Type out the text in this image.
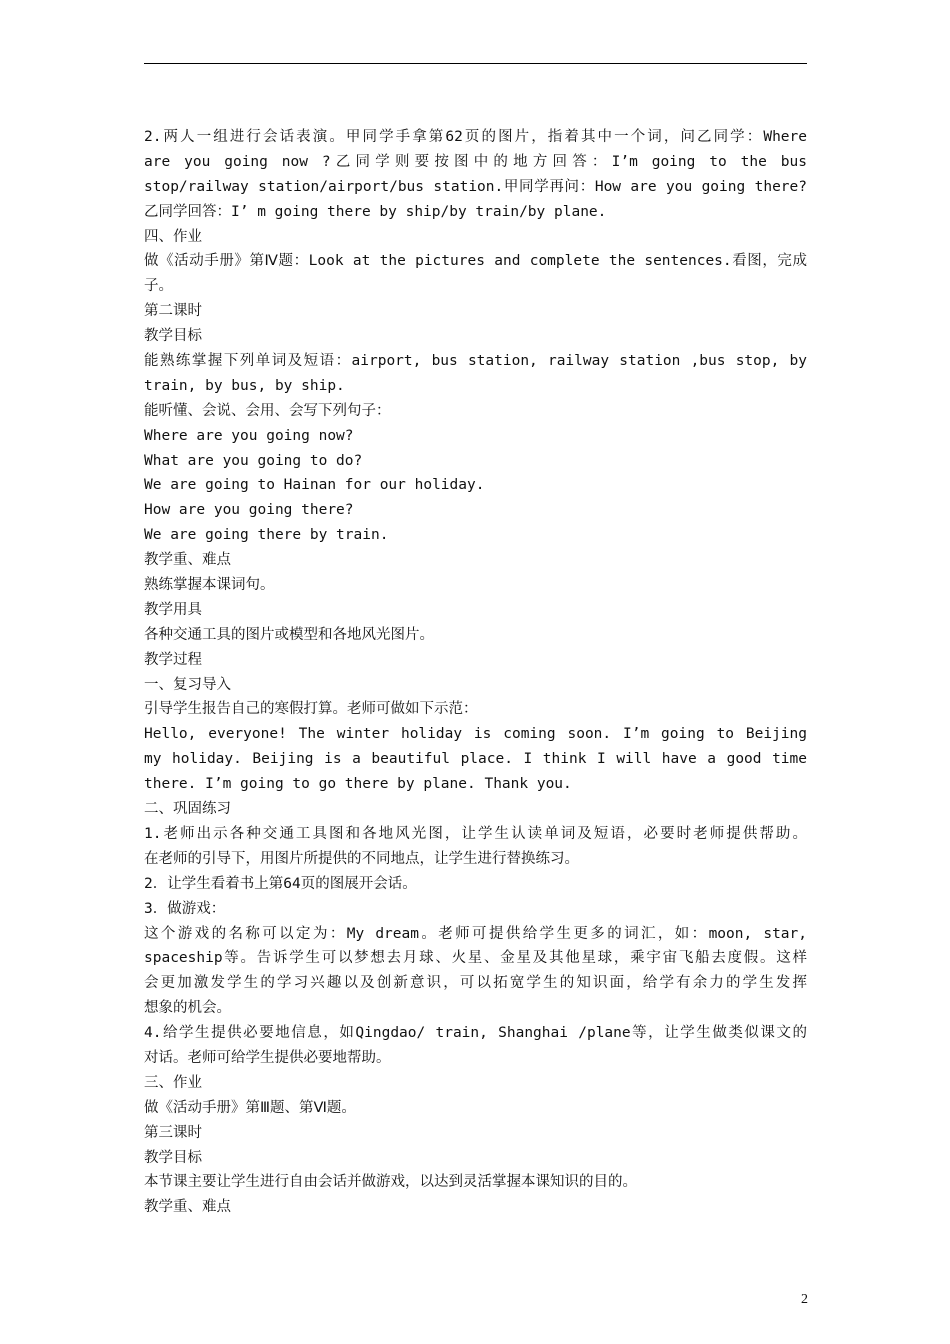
2.两人一组进行会话表演。甲同学手拿第62页的图片，指着其中一个词，问乙同学：Where
are you going now ?乙同学则要按图中的地方回答：I’m going to the bus
stop/railway station/airport/bus station.甲同学再问：How are you going there?
乙同学回答：I’ m going there by ship/by train/by plane.
四、作业
做《活动手册》第Ⅳ题：Look at the pictures and complete the sentences.看图，完成
子。
第二课时
教学目标
能熟练掌握下列单词及短语：airport, bus station, railway station ,bus stop, by
train, by bus, by ship.
能听懂、会说、会用、会写下列句子：
Where are you going now?
What are you going to do?
We are going to Hainan for our holiday.
How are you going there?
We are going there by train.
教学重、难点
熟练掌握本课词句。
教学用具
各种交通工具的图片或模型和各地风光图片。
教学过程
一、复习导入
引导学生报告自己的寒假打算。老师可做如下示范：
Hello, everyone! The winter holiday is coming soon. I’m going to Beijing
my holiday. Beijing is a beautiful place. I think I will have a good time
there. I’m going to go there by plane. Thank you.
二、巩固练习
1.老师出示各种交通工具图和各地风光图，让学生认读单词及短语，必要时老师提供帮助。
在老师的引导下，用图片所提供的不同地点，让学生进行替换练习。
2．让学生看着书上第64页的图展开会话。
3．做游戏：
这个游戏的名称可以定为：My dream。老师可提供给学生更多的词汇，如：moon, star,
spaceship等。告诉学生可以梦想去月球、火星、金星及其他星球，乘宇宙飞船去度假。这样
会更加激发学生的学习兴趣以及创新意识，可以拓宽学生的知识面，给学有余力的学生发挥
想象的机会。
4.给学生提供必要地信息，如Qingdao/ train, Shanghai /plane等，让学生做类似课文的
对话。老师可给学生提供必要地帮助。
三、作业
做《活动手册》第Ⅲ题、第Ⅵ题。
第三课时
教学目标
本节课主要让学生进行自由会话并做游戏，以达到灵活掌握本课知识的目的。
教学重、难点
2
